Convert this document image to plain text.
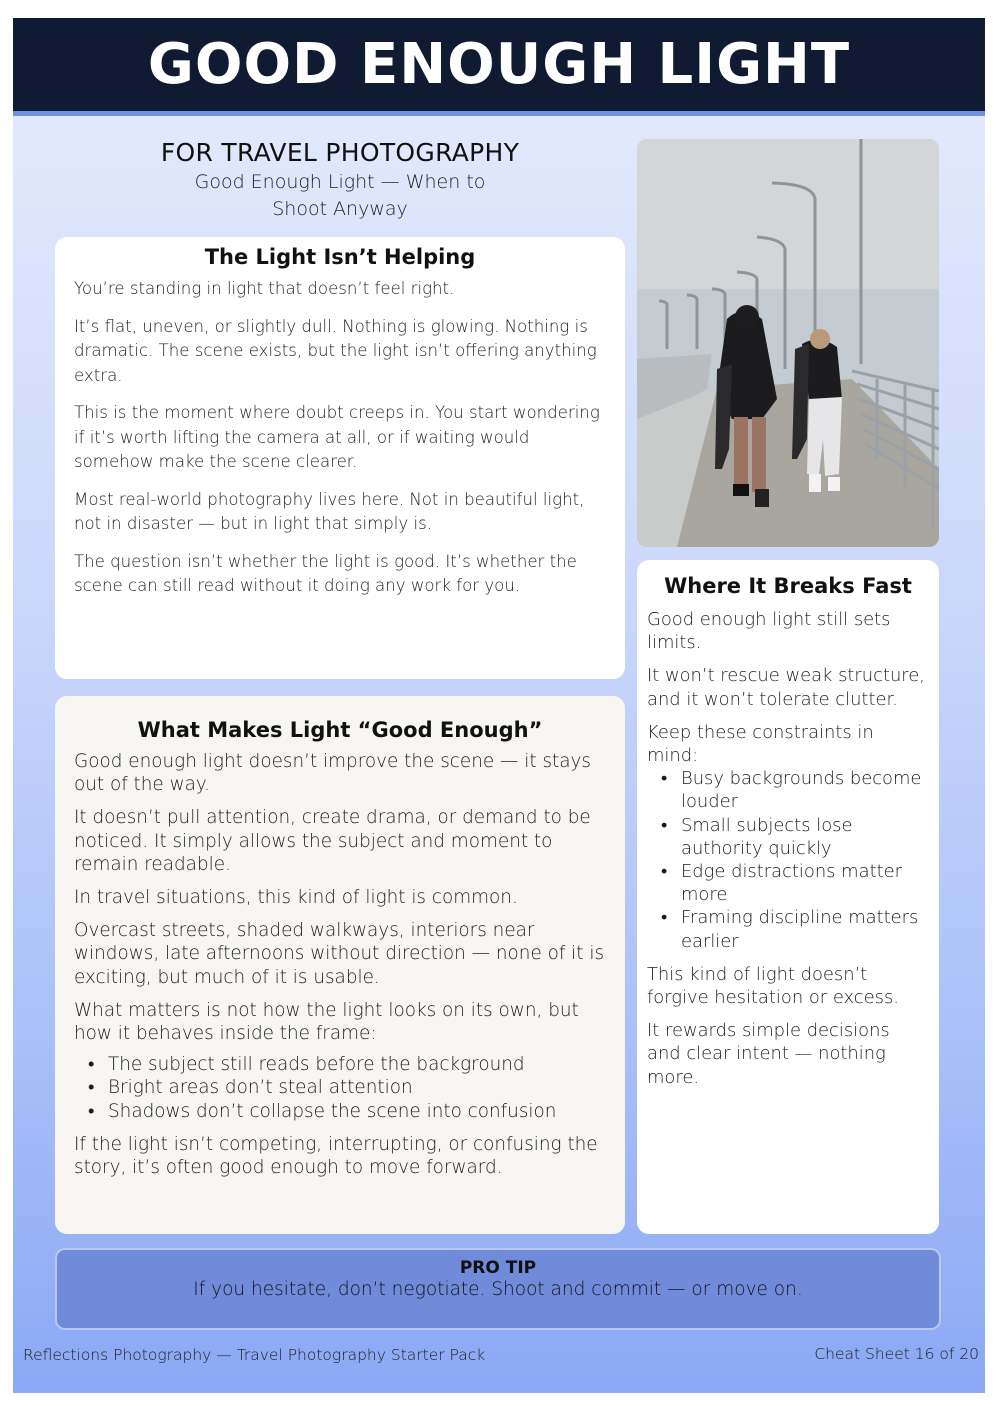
GOOD ENOUGH LIGHT
FOR TRAVEL PHOTOGRAPHY
Good Enough Light — When to Shoot Anyway
The Light Isn’t Helping

You’re standing in light that doesn’t feel right.

It’s flat, uneven, or slightly dull. Nothing is glowing. Nothing is dramatic. The scene exists, but the light isn’t offering anything extra.

This is the moment where doubt creeps in. You start wondering if it’s worth lifting the camera at all, or if waiting would somehow make the scene clearer.

Most real-world photography lives here. Not in beautiful light, not in disaster — but in light that simply is.

The question isn’t whether the light is good. It’s whether the scene can still read without it doing any work for you.

What Makes Light “Good Enough”

Good enough light doesn’t improve the scene — it stays out of the way.

It doesn’t pull attention, create drama, or demand to be noticed. It simply allows the subject and moment to remain readable.

In travel situations, this kind of light is common.

Overcast streets, shaded walkways, interiors near windows, late afternoons without direction — none of it is exciting, but much of it is usable.

What matters is not how the light looks on its own, but how it behaves inside the frame:

• The subject still reads before the background
• Bright areas don’t steal attention
• Shadows don’t collapse the scene into confusion

If the light isn’t competing, interrupting, or confusing the story, it’s often good enough to move forward.

Where It Breaks Fast

Good enough light still sets limits.

It won’t rescue weak structure, and it won’t tolerate clutter.

Keep these constraints in mind:

• Busy backgrounds become louder
• Small subjects lose authority quickly
• Edge distractions matter more
• Framing discipline matters earlier

This kind of light doesn’t forgive hesitation or excess.

It rewards simple decisions and clear intent — nothing more.

PRO TIP
If you hesitate, don’t negotiate. Shoot and commit — or move on.
Reflections Photography — Travel Photography Starter Pack	Cheat Sheet 16 of 20
